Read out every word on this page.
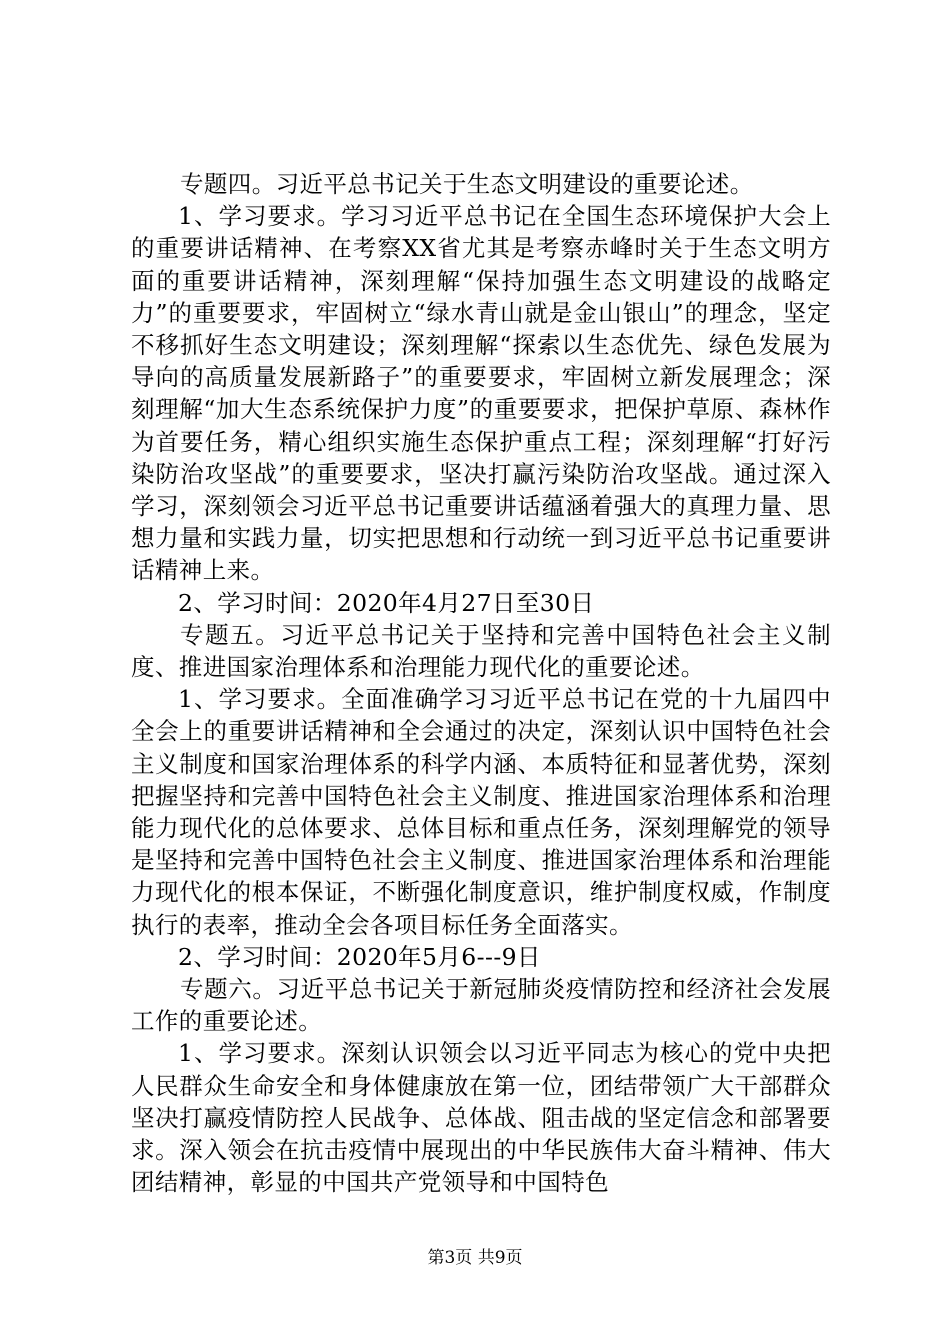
专题四。习近平总书记关于生态文明建设的重要论述。

1、学习要求。学习习近平总书记在全国生态环境保护大会上的重要讲话精神、在考察XX省尤其是考察赤峰时关于生态文明方面的重要讲话精神，深刻理解“保持加强生态文明建设的战略定力”的重要要求，牢固树立“绿水青山就是金山银山”的理念，坚定不移抓好生态文明建设；深刻理解“探索以生态优先、绿色发展为导向的高质量发展新路子”的重要要求，牢固树立新发展理念；深刻理解“加大生态系统保护力度”的重要要求，把保护草原、森林作为首要任务，精心组织实施生态保护重点工程；深刻理解“打好污染防治攻坚战”的重要要求，坚决打赢污染防治攻坚战。通过深入学习，深刻领会习近平总书记重要讲话蕴涵着强大的真理力量、思想力量和实践力量，切实把思想和行动统一到习近平总书记重要讲话精神上来。

2、学习时间：2020年4月27日至30日

专题五。习近平总书记关于坚持和完善中国特色社会主义制度、推进国家治理体系和治理能力现代化的重要论述。

1、学习要求。全面准确学习习近平总书记在党的十九届四中全会上的重要讲话精神和全会通过的决定，深刻认识中国特色社会主义制度和国家治理体系的科学内涵、本质特征和显著优势，深刻把握坚持和完善中国特色社会主义制度、推进国家治理体系和治理能力现代化的总体要求、总体目标和重点任务，深刻理解党的领导是坚持和完善中国特色社会主义制度、推进国家治理体系和治理能力现代化的根本保证，不断强化制度意识，维护制度权威，作制度执行的表率，推动全会各项目标任务全面落实。

2、学习时间：2020年5月6---9日

专题六。习近平总书记关于新冠肺炎疫情防控和经济社会发展工作的重要论述。

1、学习要求。深刻认识领会以习近平同志为核心的党中央把人民群众生命安全和身体健康放在第一位，团结带领广大干部群众坚决打赢疫情防控人民战争、总体战、阻击战的坚定信念和部署要求。深入领会在抗击疫情中展现出的中华民族伟大奋斗精神、伟大团结精神，彰显的中国共产党领导和中国特色

第3页 共9页
